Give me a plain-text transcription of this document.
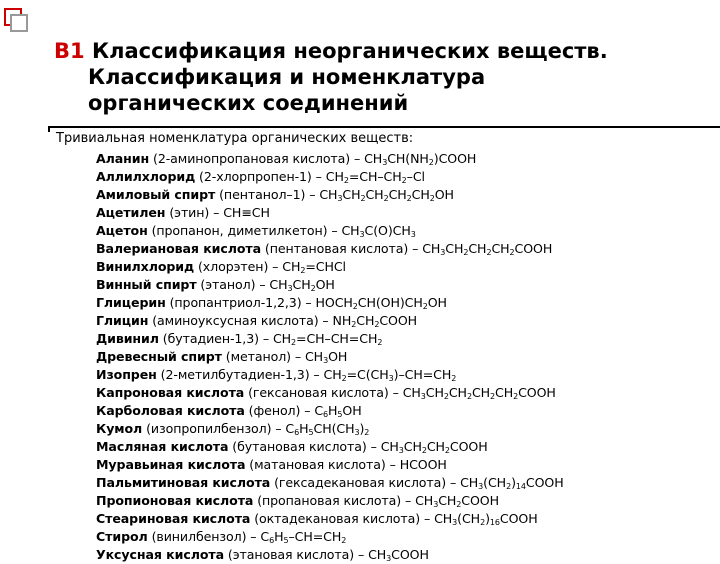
B1 Классификация неорганических веществ.
Классификация и номенклатура
органических соединений
Тривиальная номенклатура органических веществ:
Аланин (2-аминопропановая кислота) – $CH_3CH(NH_2)COOH$
Аллилхлорид (2-хлорпропен-1) – $CH_2=CH-CH_2-Cl$
Амиловый спирт (пентанол–1) – $CH_3CH_2CH_2CH_2CH_2OH$
Ацетилен (этин) – CH≡CH
Ацетон (пропанон, диметилкетон) – $CH_3C(O)CH_3$
Валериановая кислота (пентановая кислота) – $CH_3CH_2CH_2CH_2COOH$
Винилхлорид (хлорэтен) – $CH_2=CHCl$
Винный спирт (этанол) – $CH_3CH_2OH$
Глицерин (пропантриол-1,2,3) – $HOCH_2CH(OH)CH_2OH$
Глицин (аминоуксусная кислота) – $NH_2CH_2COOH$
Дивинил (бутадиен-1,3) – $CH_2=CH-CH=CH_2$
Древесный спирт (метанол) – $CH_3OH$
Изопрен (2-метилбутадиен-1,3) – $CH_2=C(CH_3)-CH=CH_2$
Капроновая кислота (гексановая кислота) – $CH_3CH_2CH_2CH_2CH_2COOH$
Карболовая кислота (фенол) – $C_6H_5OH$
Кумол (изопропилбензол) – $C_6H_5CH(CH_3)_2$
Масляная кислота (бутановая кислота) – $CH_3CH_2CH_2COOH$
Муравьиная кислота (матановая кислота) – HCOOH
Пальмитиновая кислота (гексадекановая кислота) – $CH_3(CH_2)_{14}COOH$
Пропионовая кислота (пропановая кислота) – $CH_3CH_2COOH$
Стеариновая кислота (октадекановая кислота) – $CH_3(CH_2)_{16}COOH$
Стирол (винилбензол) – $C_6H_5-CH=CH_2$
Уксусная кислота (этановая кислота) – $CH_3COOH$
